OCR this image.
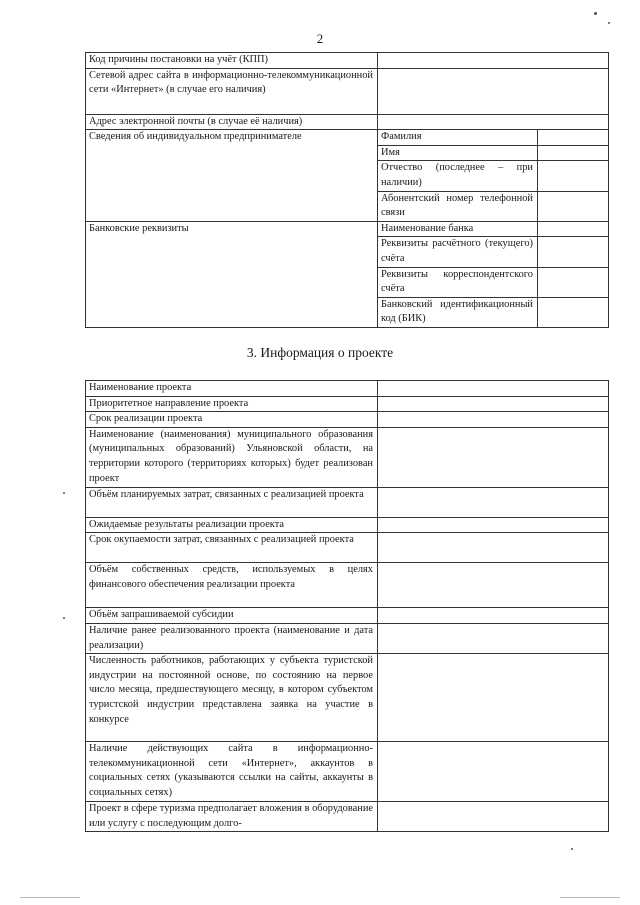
2
Код причины постановки на учёт (КПП)		
Сетевой адрес сайта в информационно-телекоммуникационной сети «Интернет» (в случае его наличия)		
Адрес электронной почты (в случае её наличия)		
Сведения об индивидуальном предпринимателе	Фамилия	
	Имя	
	Отчество (последнее – при наличии)	
	Абонентский номер телефонной связи	
Банковские реквизиты	Наименование банка	
	Реквизиты расчётного (текущего) счёта	
	Реквизиты корреспондентского счёта	
	Банковский идентификационный код (БИК)	
3. Информация о проекте
Наименование проекта	
Приоритетное направление проекта	
Срок реализации проекта	
Наименование (наименования) муниципального образования (муниципальных образований) Ульяновской области, на территории которого (территориях которых) будет реализован проект	
Объём планируемых затрат, связанных с реализацией проекта	
Ожидаемые результаты реализации проекта	
Срок окупаемости затрат, связанных с реализацией проекта	
Объём собственных средств, используемых в целях финансового обеспечения реализации проекта	
Объём запрашиваемой субсидии	
Наличие ранее реализованного проекта (наименование и дата реализации)	
Численность работников, работающих у субъекта туристской индустрии на постоянной основе, по состоянию на первое число месяца, предшествующего месяцу, в котором субъектом туристской индустрии представлена заявка на участие в конкурсе	
Наличие действующих сайта в информационно-телекоммуникационной сети «Интернет», аккаунтов в социальных сетях (указываются ссылки на сайты, аккаунты в социальных сетях)	
Проект в сфере туризма предполагает вложения в оборудование или услугу с последующим долго-	
